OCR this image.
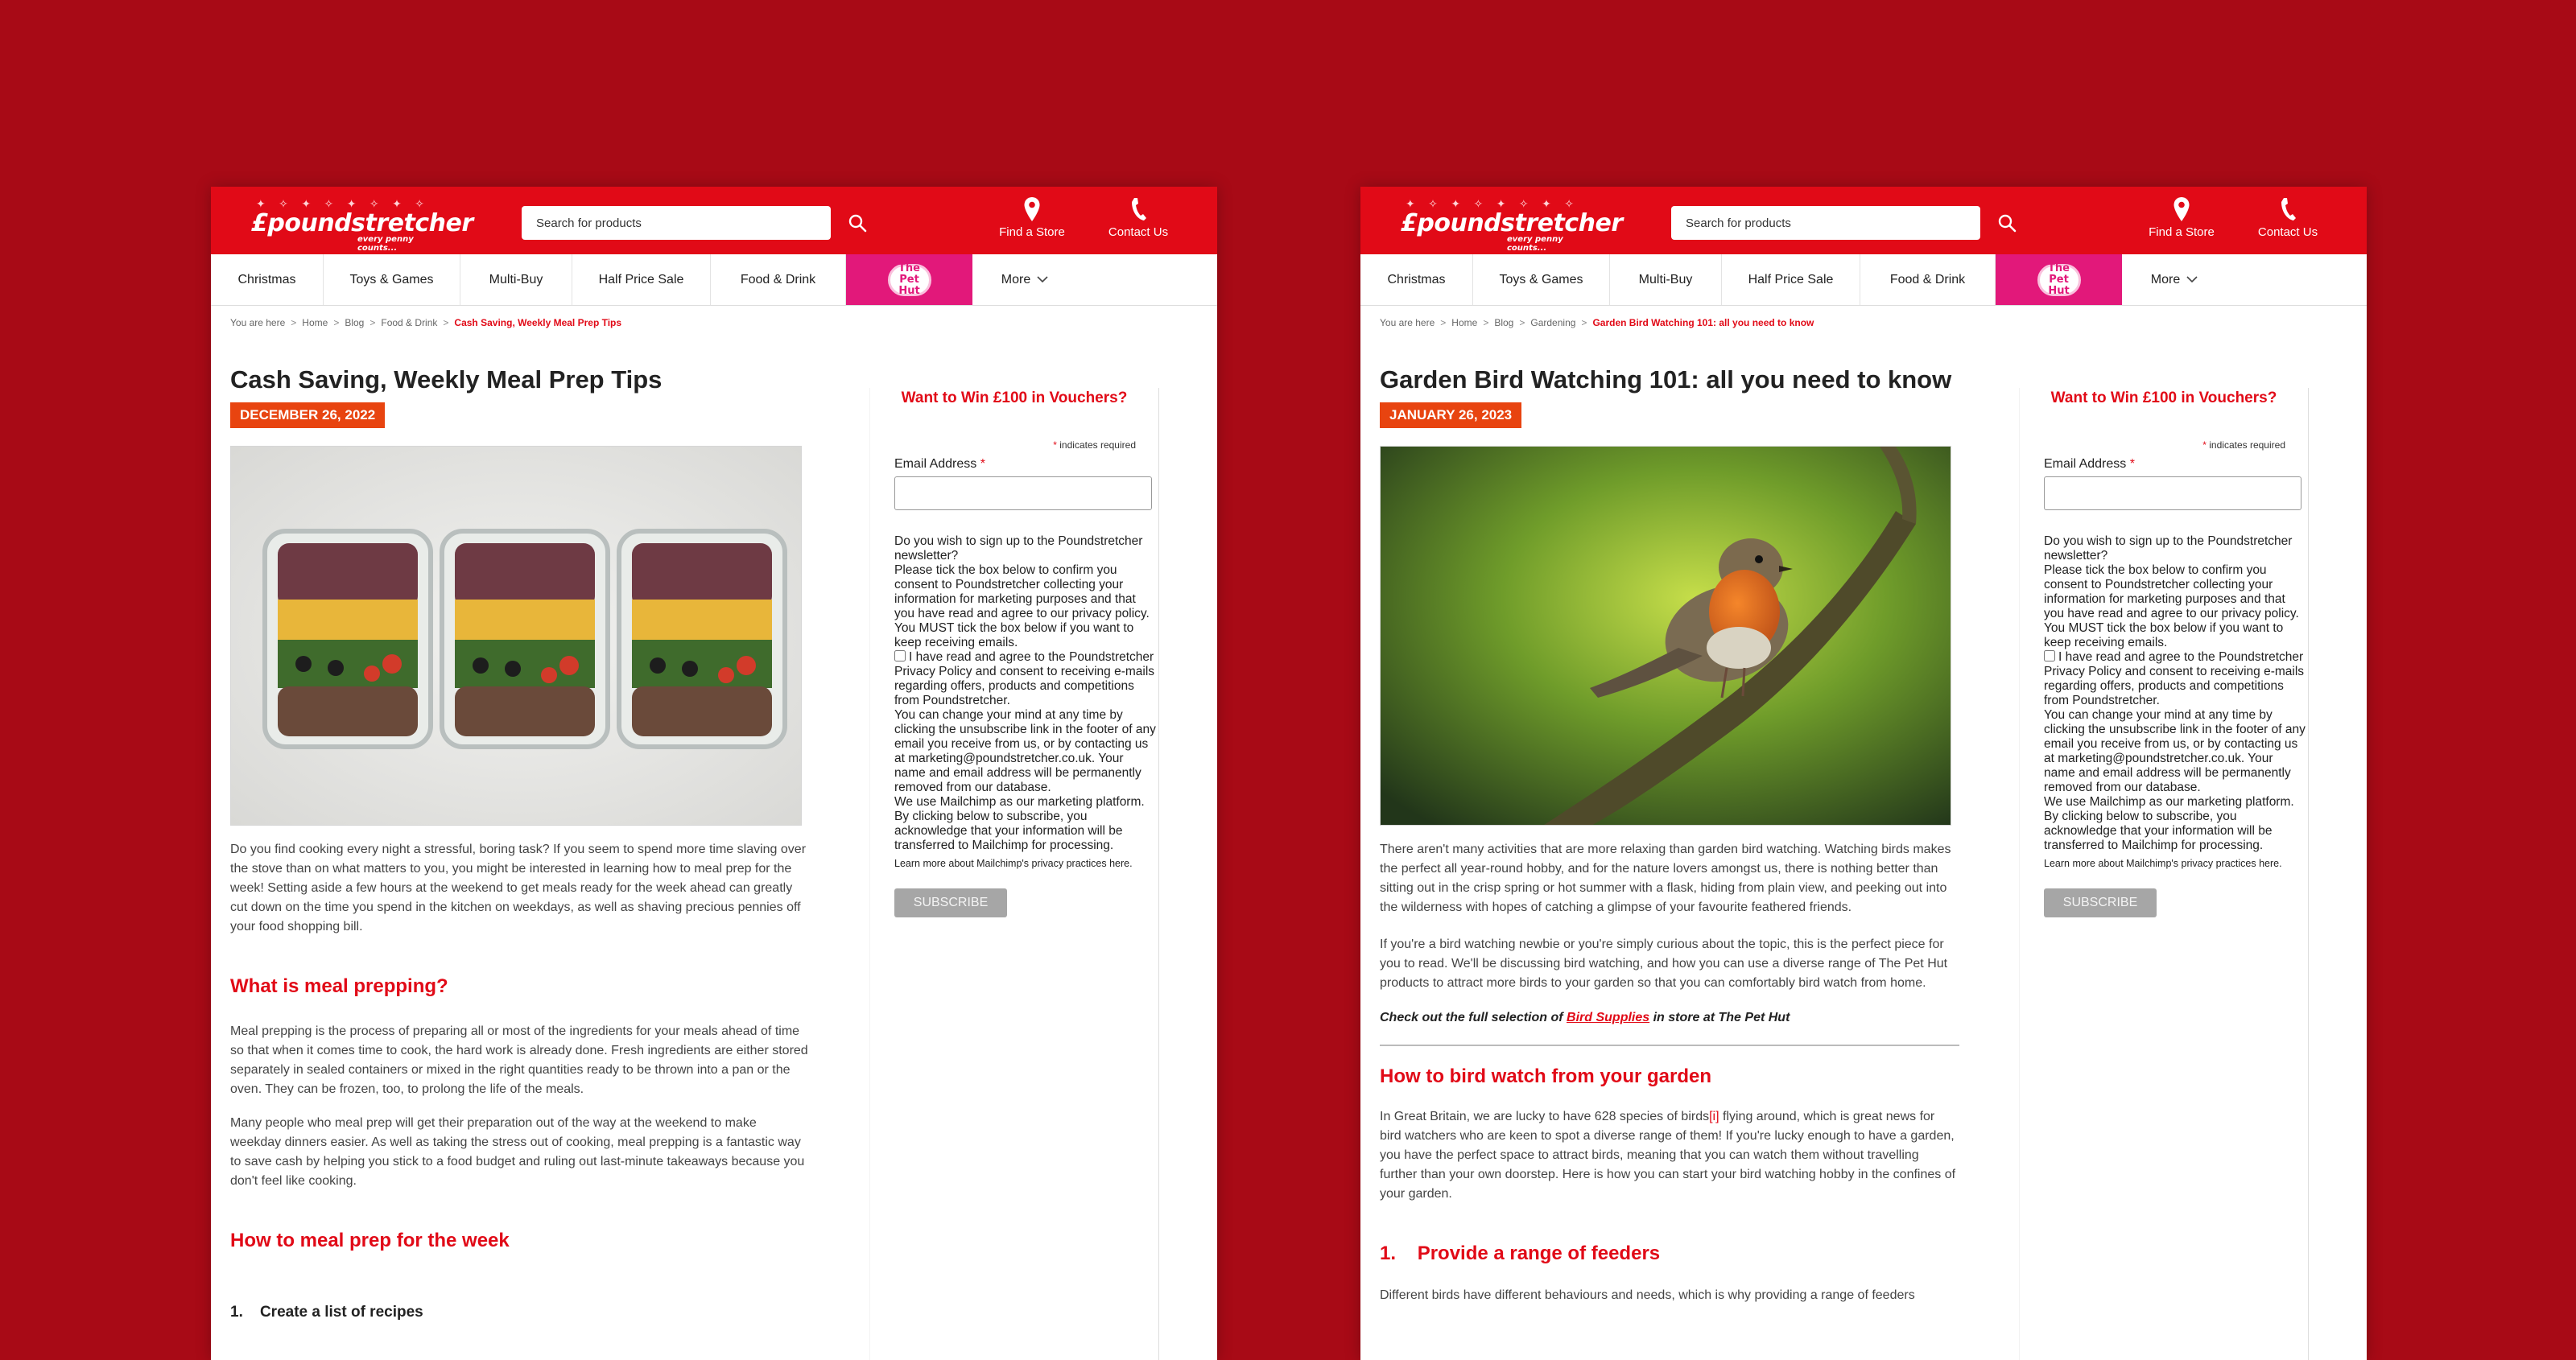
✦ ✧ ✦ ✧ ✦ ✧ ✦ ✧
£poundstretcher
every penny counts...
Search for products
Find a Store	Contact Us
Christmas	Toys & Games	Multi-Buy	Half Price Sale	Food & Drink
The Pet Hut
More
You are here > Home > Blog > Food & Drink > Cash Saving, Weekly Meal Prep Tips
Cash Saving, Weekly Meal Prep Tips
DECEMBER 26, 2022

Do you find cooking every night a stressful, boring task? If you seem to spend more time slaving over the stove than on what matters to you, you might be interested in learning how to meal prep for the week! Setting aside a few hours at the weekend to get meals ready for the week ahead can greatly cut down on the time you spend in the kitchen on weekdays, as well as shaving precious pennies off your food shopping bill.

What is meal prepping?

Meal prepping is the process of preparing all or most of the ingredients for your meals ahead of time so that when it comes time to cook, the hard work is already done. Fresh ingredients are either stored separately in sealed containers or mixed in the right quantities ready to be thrown into a pan or the oven. They can be frozen, too, to prolong the life of the meals.

Many people who meal prep will get their preparation out of the way at the weekend to make weekday dinners easier. As well as taking the stress out of cooking, meal prepping is a fantastic way to save cash by helping you stick to a food budget and ruling out last-minute takeaways because you don't feel like cooking.

How to meal prep for the week
1.    Create a list of recipes
Want to Win £100 in Vouchers?
* indicates required
Email Address *

Do you wish to sign up to the Poundstretcher newsletter?

Please tick the box below to confirm you consent to Poundstretcher collecting your information for marketing purposes and that you have read and agree to our privacy policy. You MUST tick the box below if you want to keep receiving emails.

I have read and agree to the Poundstretcher Privacy Policy and consent to receiving e-mails regarding offers, products and competitions from Poundstretcher.

You can change your mind at any time by clicking the unsubscribe link in the footer of any email you receive from us, or by contacting us at marketing@poundstretcher.co.uk. Your name and email address will be permanently removed from our database.

We use Mailchimp as our marketing platform. By clicking below to subscribe, you acknowledge that your information will be transferred to Mailchimp for processing.

Learn more about Mailchimp's privacy practices here.

SUBSCRIBE
✦ ✧ ✦ ✧ ✦ ✧ ✦ ✧
£poundstretcher
every penny counts...
Search for products
Find a Store	Contact Us
Christmas	Toys & Games	Multi-Buy	Half Price Sale	Food & Drink
The Pet Hut
More
You are here > Home > Blog > Gardening > Garden Bird Watching 101: all you need to know
Garden Bird Watching 101: all you need to know
JANUARY 26, 2023

There aren't many activities that are more relaxing than garden bird watching. Watching birds makes the perfect all year-round hobby, and for the nature lovers amongst us, there is nothing better than sitting out in the crisp spring or hot summer with a flask, hiding from plain view, and peeking out into the wilderness with hopes of catching a glimpse of your favourite feathered friends.

If you're a bird watching newbie or you're simply curious about the topic, this is the perfect piece for you to read. We'll be discussing bird watching, and how you can use a diverse range of The Pet Hut products to attract more birds to your garden so that you can comfortably bird watch from home.

Check out the full selection of Bird Supplies in store at The Pet Hut

How to bird watch from your garden

In Great Britain, we are lucky to have 628 species of birds[i] flying around, which is great news for bird watchers who are keen to spot a diverse range of them! If you're lucky enough to have a garden, you have the perfect space to attract birds, meaning that you can watch them without travelling further than your own doorstep. Here is how you can start your bird watching hobby in the confines of your garden.

1.    Provide a range of feeders

Different birds have different behaviours and needs, which is why providing a range of feeders

Want to Win £100 in Vouchers?
* indicates required
Email Address *

Do you wish to sign up to the Poundstretcher newsletter?

Please tick the box below to confirm you consent to Poundstretcher collecting your information for marketing purposes and that you have read and agree to our privacy policy. You MUST tick the box below if you want to keep receiving emails.

I have read and agree to the Poundstretcher Privacy Policy and consent to receiving e-mails regarding offers, products and competitions from Poundstretcher.

You can change your mind at any time by clicking the unsubscribe link in the footer of any email you receive from us, or by contacting us at marketing@poundstretcher.co.uk. Your name and email address will be permanently removed from our database.

We use Mailchimp as our marketing platform. By clicking below to subscribe, you acknowledge that your information will be transferred to Mailchimp for processing.

Learn more about Mailchimp's privacy practices here.

SUBSCRIBE
